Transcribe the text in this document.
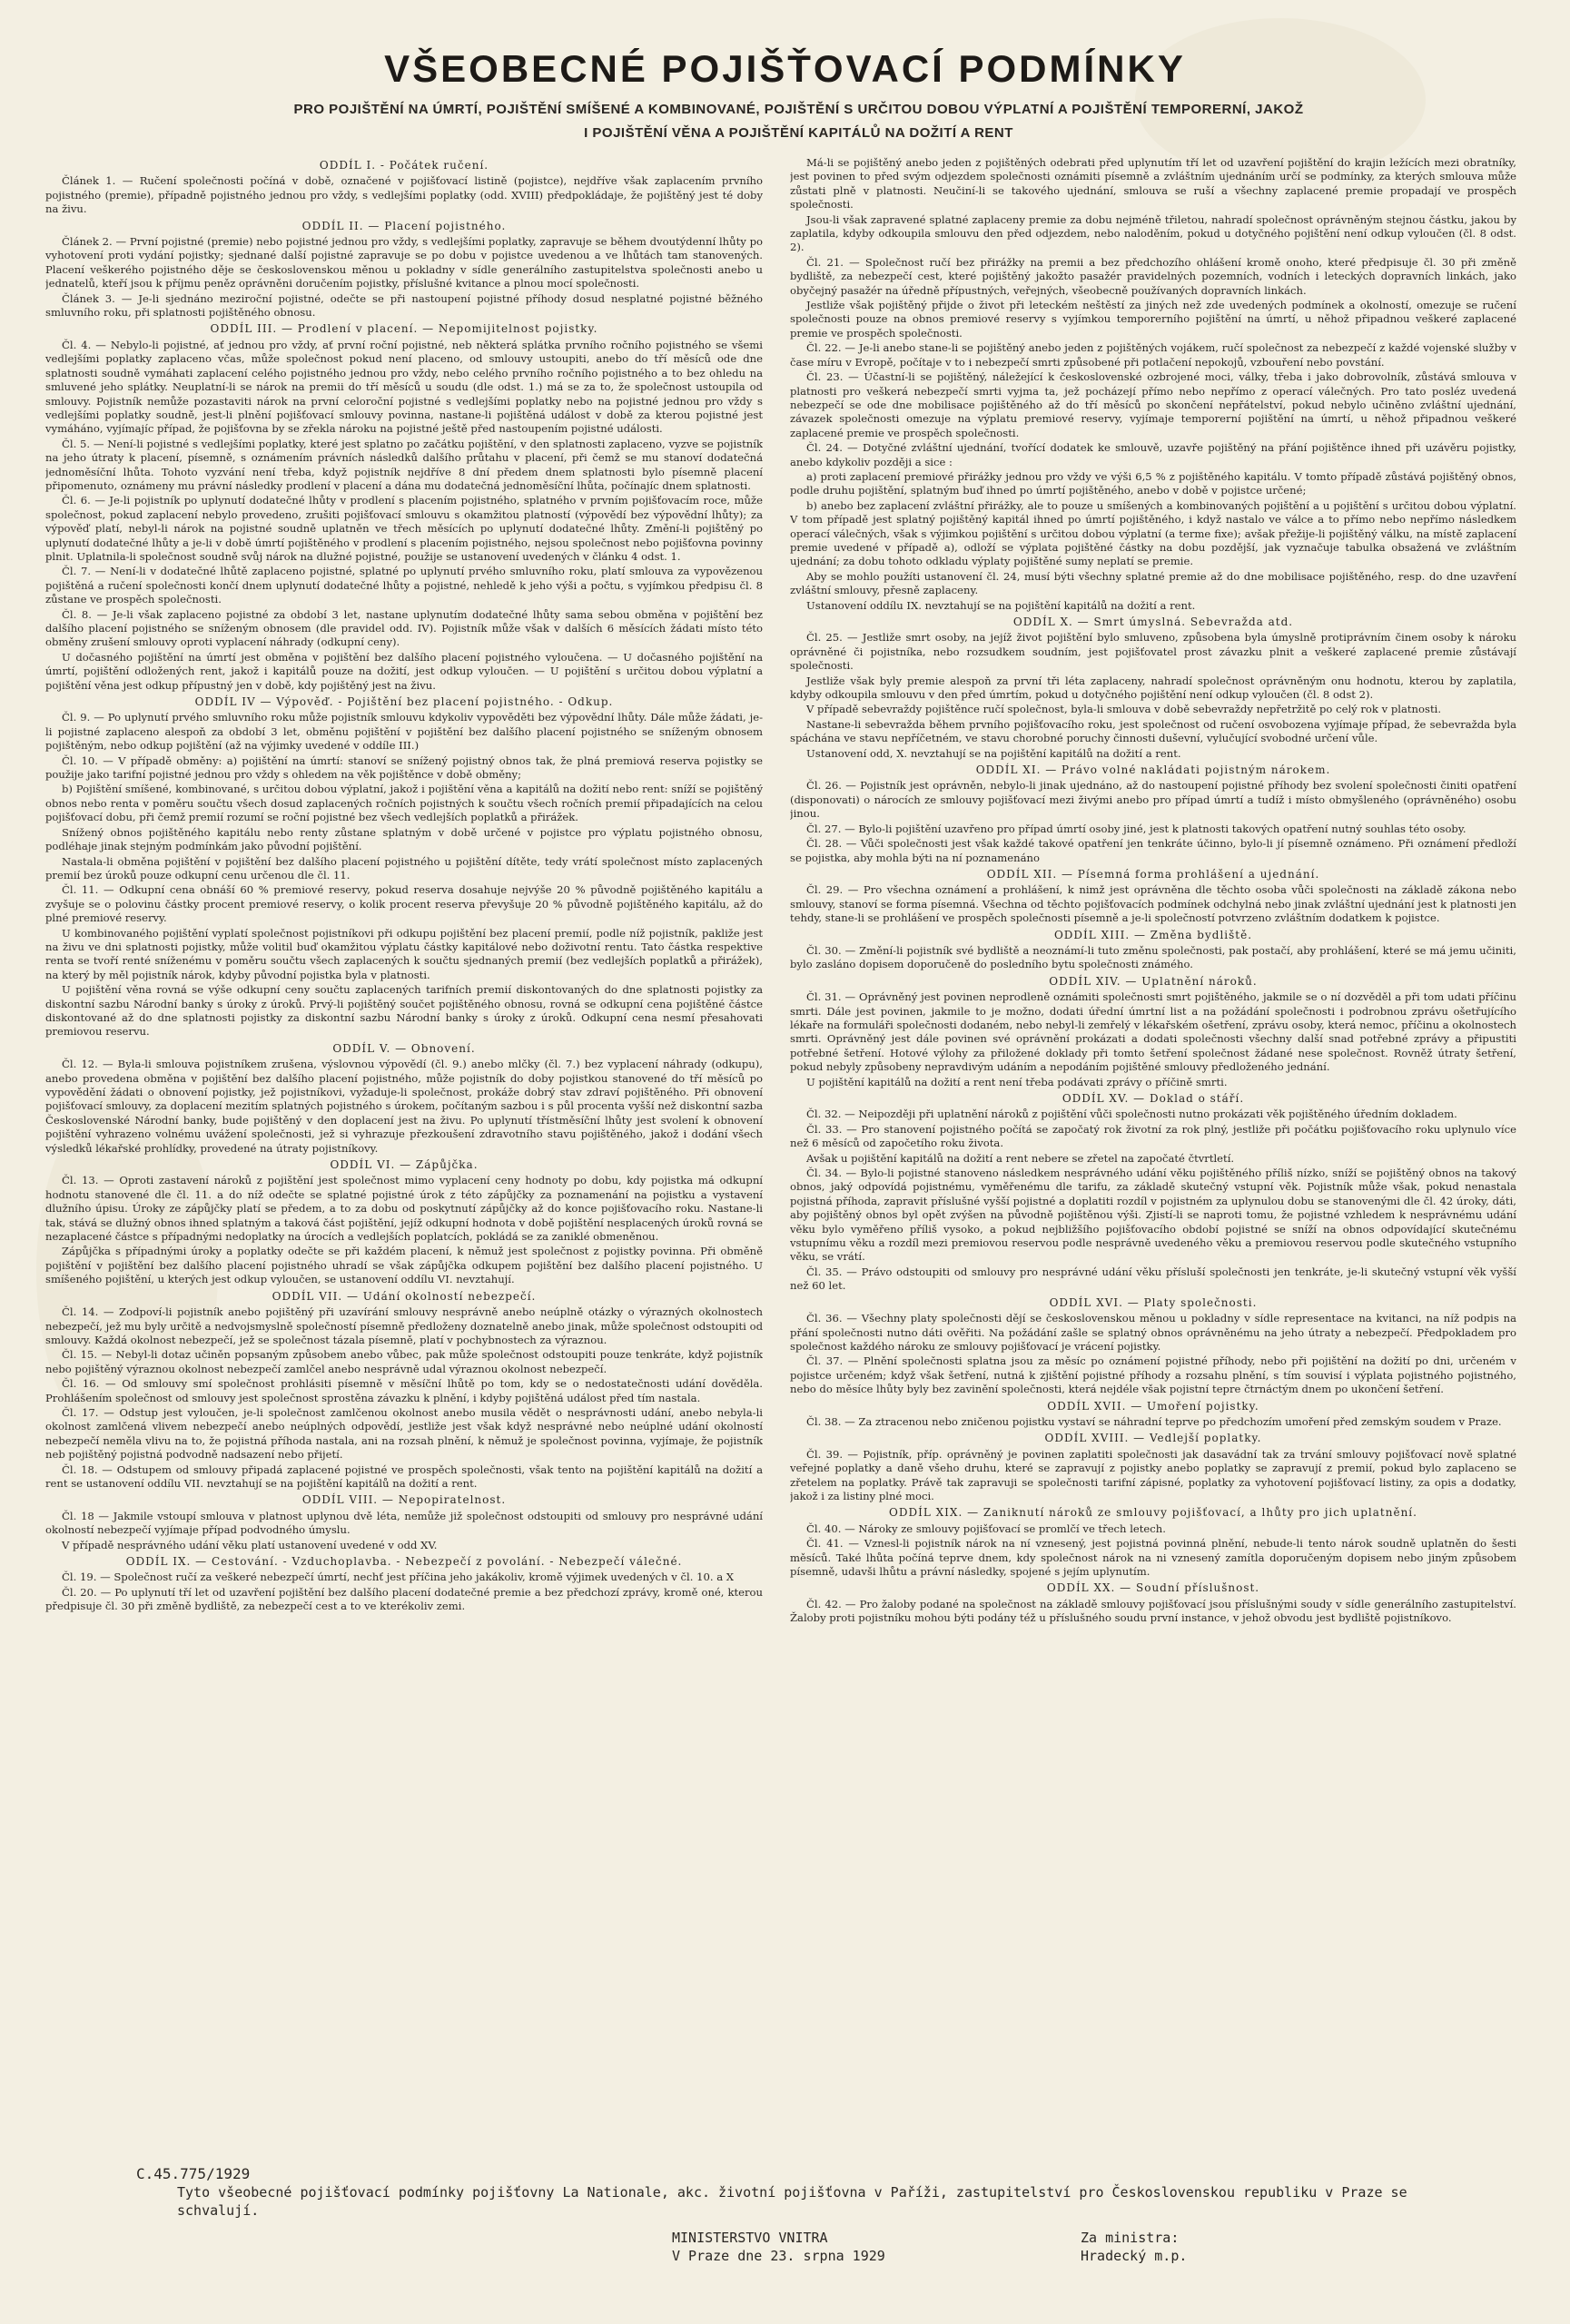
VŠEOBECNÉ POJIŠŤOVACÍ PODMÍNKY
PRO POJIŠTĚNÍ NA ÚMRTÍ, POJIŠTĚNÍ SMÍŠENÉ A KOMBINOVANÉ, POJIŠTĚNÍ S URČITOU DOBOU VÝPLATNÍ A POJIŠTĚNÍ TEMPORERNÍ, JAKOŽ
I POJIŠTĚNÍ VĚNA A POJIŠTĚNÍ KAPITÁLŮ NA DOŽITÍ A RENT
ODDÍL I. - Počátek ručení.

Článek 1. — Ručení společnosti počíná v době, označené v pojišťovací listině (pojistce), nejdříve však zaplacením prvního pojistného (premie), případně pojistného jednou pro vždy, s vedlejšími poplatky (odd. XVIII) předpokládaje, že pojištěný jest té doby na živu.

ODDÍL II. — Placení pojistného.

Článek 2. — První pojistné (premie) nebo pojistné jednou pro vždy, s vedlejšími poplatky, zapravuje se během dvoutýdenní lhůty po vyhotovení proti vydání pojistky; sjednané další pojistné zapravuje se po dobu v pojistce uvedenou a ve lhůtách tam stanovených. Placení veškerého pojistného děje se československou měnou u pokladny v sídle generálního zastupitelstva společnosti anebo u jednatelů, kteří jsou k příjmu peněz oprávněni doručením pojistky, příslušné kvitance a plnou mocí společnosti.

Článek 3. — Je-li sjednáno meziroční pojistné, odečte se při nastoupení pojistné příhody dosud nesplatné pojistné běžného smluvního roku, při splatnosti pojištěného obnosu.

ODDÍL III. — Prodlení v placení. — Nepomijitelnost pojistky.

Čl. 4. — Nebylo-li pojistné, ať jednou pro vždy, ať první roční pojistné, neb některá splátka prvního ročního pojistného se všemi vedlejšími poplatky zaplaceno včas, může společnost pokud není placeno, od smlouvy ustoupiti, anebo do tří měsíců ode dne splatnosti soudně vymáhati zaplacení celého pojistného jednou pro vždy, nebo celého prvního ročního pojistného a to bez ohledu na smluvené jeho splátky. Neuplatní-li se nárok na premii do tří měsíců u soudu (dle odst. 1.) má se za to, že společnost ustoupila od smlouvy. Pojistník nemůže pozastaviti nárok na první celoroční pojistné s vedlejšími poplatky nebo na pojistné jednou pro vždy s vedlejšími poplatky soudně, jest-li plnění pojišťovací smlouvy povinna, nastane-li pojištěná událost v době za kterou pojistné jest vymáháno, vyjímajíc případ, že pojišťovna by se zřekla nároku na pojistné ještě před nastoupením pojistné události.

Čl. 5. — Není-li pojistné s vedlejšími poplatky, které jest splatno po začátku pojištění, v den splatnosti zaplaceno, vyzve se pojistník na jeho útraty k placení, písemně, s oznámením právních následků dalšího průtahu v placení, při čemž se mu stanoví dodatečná jednoměsíční lhůta. Tohoto vyzvání není třeba, když pojistník nejdříve 8 dní předem dnem splatnosti bylo písemně placení připomenuto, oznámeny mu právní následky prodlení v placení a dána mu dodatečná jednoměsíční lhůta, počínajíc dnem splatnosti.

Čl. 6. — Je-li pojistník po uplynutí dodatečné lhůty v prodlení s placením pojistného, splatného v prvním pojišťovacím roce, může společnost, pokud zaplacení nebylo provedeno, zrušiti pojišťovací smlouvu s okamžitou platností (výpovědí bez výpovědní lhůty); za výpověď platí, nebyl-li nárok na pojistné soudně uplatněn ve třech měsících po uplynutí dodatečné lhůty. Změní-li pojištěný po uplynutí dodatečné lhůty a je-li v době úmrtí pojištěného v prodlení s placením pojistného, nejsou společnost nebo pojišťovna povinny plnit. Uplatnila-li společnost soudně svůj nárok na dlužné pojistné, použije se ustanovení uvedených v článku 4 odst. 1.

Čl. 7. — Není-li v dodatečné lhůtě zaplaceno pojistné, splatné po uplynutí prvého smluvního roku, platí smlouva za vypovězenou pojištěná a ručení společnosti končí dnem uplynutí dodatečné lhůty a pojistné, nehledě k jeho výši a počtu, s vyjímkou předpisu čl. 8 zůstane ve prospěch společnosti.

Čl. 8. — Je-li však zaplaceno pojistné za období 3 let, nastane uplynutím dodatečné lhůty sama sebou obměna v pojištění bez dalšího placení pojistného se sníženým obnosem (dle pravidel odd. IV). Pojistník může však v dalších 6 měsících žádati místo této obměny zrušení smlouvy oproti vyplacení náhrady (odkupní ceny).

U dočasného pojištění na úmrtí jest obměna v pojištění bez dalšího placení pojistného vyloučena. — U dočasného pojištění na úmrtí, pojištění odložených rent, jakož i kapitálů pouze na dožití, jest odkup vyloučen. — U pojištění s určitou dobou výplatní a pojištění věna jest odkup přípustný jen v době, kdy pojištěný jest na živu.

ODDÍL IV — Výpověď. - Pojištění bez placení pojistného. - Odkup.

Čl. 9. — Po uplynutí prvého smluvního roku může pojistník smlouvu kdykoliv vypověděti bez výpovědní lhůty. Dále může žádati, je-li pojistné zaplaceno alespoň za období 3 let, obměnu pojištění v pojištění bez dalšího placení pojistného se sníženým obnosem pojištěným, nebo odkup pojištění (až na výjimky uvedené v oddíle III.)

Čl. 10. — V případě obměny: a) pojištění na úmrtí: stanoví se snížený pojistný obnos tak, že plná premiová reserva pojistky se použije jako tarifní pojistné jednou pro vždy s ohledem na věk pojištěnce v době obměny;

b) Pojištění smíšené, kombinované, s určitou dobou výplatní, jakož i pojištění věna a kapitálů na dožití nebo rent: sníží se pojištěný obnos nebo renta v poměru součtu všech dosud zaplacených ročních pojistných k součtu všech ročních premií připadajících na celou pojišťovací dobu, při čemž premií rozumí se roční pojistné bez všech vedlejších poplatků a přirážek.

Snížený obnos pojištěného kapitálu nebo renty zůstane splatným v době určené v pojistce pro výplatu pojistného obnosu, podléhaje jinak stejným podmínkám jako původní pojištění.

Nastala-li obměna pojištění v pojištění bez dalšího placení pojistného u pojištění dítěte, tedy vrátí společnost místo zaplacených premií bez úroků pouze odkupní cenu určenou dle čl. 11.

Čl. 11. — Odkupní cena obnáší 60 % premiové reservy, pokud reserva dosahuje nejvýše 20 % původně pojištěného kapitálu a zvyšuje se o polovinu částky procent premiové reservy, o kolik procent reserva převyšuje 20 % původně pojištěného kapitálu, až do plné premiové reservy.

U kombinovaného pojištění vyplatí společnost pojistníkovi při odkupu pojištění bez placení premií, podle níž pojistník, pakliže jest na živu ve dni splatnosti pojistky, může volitil buď okamžitou výplatu částky kapitálové nebo doživotní rentu. Tato částka respektive renta se tvoří renté sníženému v poměru součtu všech zaplacených k součtu sjednaných premií (bez vedlejších poplatků a přirážek), na který by měl pojistník nárok, kdyby původní pojistka byla v platnosti.

U pojištění věna rovná se výše odkupní ceny součtu zaplacených tarifních premií diskontovaných do dne splatnosti pojistky za diskontní sazbu Národní banky s úroky z úroků. Prvý-li pojištěný součet pojištěného obnosu, rovná se odkupní cena pojištěné částce diskontované až do dne splatnosti pojistky za diskontní sazbu Národní banky s úroky z úroků. Odkupní cena nesmí přesahovati premiovou reservu.

ODDÍL V. — Obnovení.

Čl. 12. — Byla-li smlouva pojistníkem zrušena, výslovnou výpovědí (čl. 9.) anebo mlčky (čl. 7.) bez vyplacení náhrady (odkupu), anebo provedena obměna v pojištění bez dalšího placení pojistného, může pojistník do doby pojistkou stanovené do tří měsíců po vypovědění žádati o obnovení pojistky, jež pojistníkovi, vyžaduje-li společnost, prokáže dobrý stav zdraví pojištěného. Při obnovení pojišťovací smlouvy, za doplacení mezitím splatných pojistného s úrokem, počítaným sazbou i s půl procenta vyšší než diskontní sazba Československé Národní banky, bude pojištěný v den doplacení jest na živu. Po uplynutí třístměsíční lhůty jest svolení k obnovení pojištění vyhrazeno volnému uvážení společnosti, jež si vyhrazuje přezkoušení zdravotního stavu pojištěného, jakož i dodání všech výsledků lékařské prohlídky, provedené na útraty pojistníkovy.

ODDÍL VI. — Zápůjčka.

Čl. 13. — Oproti zastavení nároků z pojištění jest společnost mimo vyplacení ceny hodnoty po dobu, kdy pojistka má odkupní hodnotu stanovené dle čl. 11. a do níž odečte se splatné pojistné úrok z této zápůjčky za poznamenání na pojistku a vystavení dlužního úpisu. Úroky ze zápůjčky platí se předem, a to za dobu od poskytnutí zápůjčky až do konce pojišťovacího roku. Nastane-li tak, stává se dlužný obnos ihned splatným a taková část pojištění, jejíž odkupní hodnota v době pojištění nesplacených úroků rovná se nezaplacené částce s případnými nedoplatky na úrocích a vedlejších poplatcích, pokládá se za zaniklé obmeněnou.

Zápůjčka s případnými úroky a poplatky odečte se při každém placení, k němuž jest společnost z pojistky povinna. Při obměně pojištění v pojištění bez dalšího placení pojistného uhradí se však zápůjčka odkupem pojištění bez dalšího placení pojistného. U smíšeného pojištění, u kterých jest odkup vyloučen, se ustanovení oddílu VI. nevztahují.

ODDÍL VII. — Udání okolností nebezpečí.

Čl. 14. — Zodpoví-li pojistník anebo pojištěný při uzavírání smlouvy nesprávně anebo neúplně otázky o výrazných okolnostech nebezpečí, jež mu byly určitě a nedvojsmyslně společností písemně předloženy doznatelně anebo jinak, může společnost odstoupiti od smlouvy. Každá okolnost nebezpečí, jež se společnost tázala písemně, platí v pochybnostech za výraznou.

Čl. 15. — Nebyl-li dotaz učiněn popsaným způsobem anebo vůbec, pak může společnost odstoupiti pouze tenkráte, když pojistník nebo pojištěný výraznou okolnost nebezpečí zamlčel anebo nesprávně udal výraznou okolnost nebezpečí.

Čl. 16. — Od smlouvy smí společnost prohlásiti písemně v měsíční lhůtě po tom, kdy se o nedostatečnosti udání dověděla. Prohlášením společnost od smlouvy jest společnost sprostěna závazku k plnění, i kdyby pojištěná událost před tím nastala.

Čl. 17. — Odstup jest vyloučen, je-li společnost zamlčenou okolnost anebo musila vědět o nesprávnosti udání, anebo nebyla-li okolnost zamlčená vlivem nebezpečí anebo neúplných odpovědí, jestliže jest však když nesprávné nebo neúplné udání okolností nebezpečí neměla vlivu na to, že pojistná příhoda nastala, ani na rozsah plnění, k němuž je společnost povinna, vyjímaje, že pojistník neb pojištěný pojistná podvodně nadsazení nebo přijetí.

Čl. 18. — Odstupem od smlouvy připadá zaplacené pojistné ve prospěch společnosti, však tento na pojištění kapitálů na dožití a rent se ustanovení oddílu VII. nevztahují se na pojištění kapitálů na dožití a rent.

ODDÍL VIII. — Nepopiratelnost.

Čl. 18 — Jakmile vstoupí smlouva v platnost uplynou dvě léta, nemůže již společnost odstoupiti od smlouvy pro nesprávné udání okolností nebezpečí vyjímaje případ podvodného úmyslu.

V případě nesprávného udání věku platí ustanovení uvedené v odd XV.

ODDÍL IX. — Cestování. - Vzduchoplavba. - Nebezpečí z povolání. - Nebezpečí válečné.

Čl. 19. — Společnost ručí za veškeré nebezpečí úmrtí, nechť jest příčina jeho jakákoliv, kromě výjimek uvedených v čl. 10. a X

Čl. 20. — Po uplynutí tří let od uzavření pojištění bez dalšího placení dodatečné premie a bez předchozí zprávy, kromě oné, kterou předpisuje čl. 30 při změně bydliště, za nebezpečí cest a to ve kterékoliv zemi.

Má-li se pojištěný anebo jeden z pojištěných odebrati před uplynutím tří let od uzavření pojištění do krajin ležících mezi obratníky, jest povinen to před svým odjezdem společnosti oznámiti písemně a zvláštním ujednáním určí se podmínky, za kterých smlouva může zůstati plně v platnosti. Neučiní-li se takového ujednání, smlouva se ruší a všechny zaplacené premie propadají ve prospěch společnosti.

Jsou-li však zapravené splatné zaplaceny premie za dobu nejméně třiletou, nahradí společnost oprávněným stejnou částku, jakou by zaplatila, kdyby odkoupila smlouvu den před odjezdem, nebo naloděním, pokud u dotyčného pojištění není odkup vyloučen (čl. 8 odst. 2).

Čl. 21. — Společnost ručí bez přirážky na premii a bez předchozího ohlášení kromě onoho, které předpisuje čl. 30 při změně bydliště, za nebezpečí cest, které pojištěný jakožto pasažér pravidelných pozemních, vodních i leteckých dopravních linkách, jako obyčejný pasažér na úředně přípustných, veřejných, všeobecně používaných dopravních linkách.

Jestliže však pojištěný přijde o život při leteckém neštěstí za jiných než zde uvedených podmínek a okolností, omezuje se ručení společnosti pouze na obnos premiové reservy s vyjímkou temporerního pojištění na úmrtí, u něhož připadnou veškeré zaplacené premie ve prospěch společnosti.

Čl. 22. — Je-li anebo stane-li se pojištěný anebo jeden z pojištěných vojákem, ručí společnost za nebezpečí z každé vojenské služby v čase míru v Evropě, počítaje v to i nebezpečí smrti způsobené při potlačení nepokojů, vzbouření nebo povstání.

Čl. 23. — Účastní-li se pojištěný, náležející k československé ozbrojené moci, války, třeba i jako dobrovolník, zůstává smlouva v platnosti pro veškerá nebezpečí smrti vyjma ta, jež pocházejí přímo nebo nepřímo z operací válečných. Pro tato posléz uvedená nebezpečí se ode dne mobilisace pojištěného až do tří měsíců po skončení nepřátelství, pokud nebylo učiněno zvláštní ujednání, závazek společnosti omezuje na výplatu premiové reservy, vyjímaje temporerní pojištění na úmrtí, u něhož připadnou veškeré zaplacené premie ve prospěch společnosti.

Čl. 24. — Dotyčné zvláštní ujednání, tvořící dodatek ke smlouvě, uzavře pojištěný na přání pojištěnce ihned při uzávěru pojistky, anebo kdykoliv později a sice :

a) proti zaplacení premiové přirážky jednou pro vždy ve výši 6,5 % z pojištěného kapitálu. V tomto případě zůstává pojištěný obnos, podle druhu pojištění, splatným buď ihned po úmrtí pojištěného, anebo v době v pojistce určené;

b) anebo bez zaplacení zvláštní přirážky, ale to pouze u smíšených a kombinovaných pojištění a u pojištění s určitou dobou výplatní. V tom případě jest splatný pojištěný kapitál ihned po úmrtí pojištěného, i když nastalo ve válce a to přímo nebo nepřímo následkem operací válečných, však s výjimkou pojištění s určitou dobou výplatní (a terme fixe); avšak přežije-li pojištěný válku, na místě zaplacení premie uvedené v případě a), odloží se výplata pojištěné částky na dobu pozdější, jak vyznačuje tabulka obsažená ve zvláštním ujednání; za dobu tohoto odkladu výplaty pojištěné sumy neplatí se premie.

Aby se mohlo použíti ustanovení čl. 24, musí býti všechny splatné premie až do dne mobilisace pojištěného, resp. do dne uzavření zvláštní smlouvy, přesně zaplaceny.

Ustanovení oddílu IX. nevztahují se na pojištění kapitálů na dožití a rent.

ODDÍL X. — Smrt úmyslná. Sebevražda atd.

Čl. 25. — Jestliže smrt osoby, na jejíž život pojištění bylo smluveno, způsobena byla úmyslně protiprávním činem osoby k nároku oprávněné či pojistníka, nebo rozsudkem soudním, jest pojišťovatel prost závazku plnit a veškeré zaplacené premie zůstávají společnosti.

Jestliže však byly premie alespoň za první tři léta zaplaceny, nahradí společnost oprávněným onu hodnotu, kterou by zaplatila, kdyby odkoupila smlouvu v den před úmrtím, pokud u dotyčného pojištění není odkup vyloučen (čl. 8 odst 2).

V případě sebevraždy pojištěnce ručí společnost, byla-li smlouva v době sebevraždy nepřetržitě po celý rok v platnosti.

Nastane-li sebevražda během prvního pojišťovacího roku, jest společnost od ručení osvobozena vyjímaje případ, že sebevražda byla spáchána ve stavu nepříčetném, ve stavu chorobné poruchy činnosti duševní, vylučující svobodné určení vůle.

Ustanovení odd, X. nevztahují se na pojištění kapitálů na dožití a rent.

ODDÍL XI. — Právo volné nakládati pojistným nárokem.

Čl. 26. — Pojistník jest oprávněn, nebylo-li jinak ujednáno, až do nastoupení pojistné příhody bez svolení společnosti činiti opatření (disponovati) o nárocích ze smlouvy pojišťovací mezi živými anebo pro případ úmrtí a tudíž i místo obmyšleného (oprávněného) osobu jinou.

Čl. 27. — Bylo-li pojištění uzavřeno pro případ úmrtí osoby jiné, jest k platnosti takových opatření nutný souhlas této osoby.

Čl. 28. — Vůči společnosti jest však každé takové opatření jen tenkráte účinno, bylo-li jí písemně oznámeno. Při oznámení předloží se pojistka, aby mohla býti na ní poznamenáno

ODDÍL XII. — Písemná forma prohlášení a ujednání.

Čl. 29. — Pro všechna oznámení a prohlášení, k nimž jest oprávněna dle těchto osoba vůči společnosti na základě zákona nebo smlouvy, stanoví se forma písemná. Všechna od těchto pojišťovacích podmínek odchylná nebo jinak zvláštní ujednání jest k platnosti jen tehdy, stane-li se prohlášení ve prospěch společnosti písemně a je-li společností potvrzeno zvláštním dodatkem k pojistce.

ODDÍL XIII. — Změna bydliště.

Čl. 30. — Změní-li pojistník své bydliště a neoznámí-li tuto změnu společnosti, pak postačí, aby prohlášení, které se má jemu učiniti, bylo zasláno dopisem doporučeně do posledního bytu společnosti známého.

ODDÍL XIV. — Uplatnění nároků.

Čl. 31. — Oprávněný jest povinen neprodleně oznámiti společnosti smrt pojištěného, jakmile se o ní dozvěděl a při tom udati příčinu smrti. Dále jest povinen, jakmile to je možno, dodati úřední úmrtní list a na požádání společnosti i podrobnou zprávu ošetřujícího lékaře na formuláři společnosti dodaném, nebo nebyl-li zemřelý v lékařském ošetření, zprávu osoby, která nemoc, příčinu a okolnostech smrti. Oprávněný jest dále povinen své oprávnění prokázati a dodati společnosti všechny další snad potřebné zprávy a připustiti potřebné šetření. Hotové výlohy za přiložené doklady při tomto šetření společnost žádané nese společnost. Rovněž útraty šetření, pokud nebyly způsobeny nepravdivým udáním a nepodáním pojištěné smlouvy předloženého jednání.

U pojištění kapitálů na dožití a rent není třeba podávati zprávy o příčině smrti.

ODDÍL XV. — Doklad o stáří.

Čl. 32. — Neipozději při uplatnění nároků z pojištění vůči společnosti nutno prokázati věk pojištěného úředním dokladem.

Čl. 33. — Pro stanovení pojistného počítá se započatý rok životní za rok plný, jestliže při počátku pojišťovacího roku uplynulo více než 6 měsíců od započetího roku života.

Avšak u pojištění kapitálů na dožití a rent nebere se zřetel na započaté čtvrtletí.

Čl. 34. — Bylo-li pojistné stanoveno následkem nesprávného udání věku pojištěného příliš nízko, sníží se pojištěný obnos na takový obnos, jaký odpovídá pojistnému, vyměřenému dle tarifu, za základě skutečný vstupní věk. Pojistník může však, pokud nenastala pojistná příhoda, zapravit příslušné vyšší pojistné a doplatiti rozdíl v pojistném za uplynulou dobu se stanovenými dle čl. 42 úroky, dáti, aby pojištěný obnos byl opět zvýšen na původně pojištěnou výši. Zjistí-li se naproti tomu, že pojistné vzhledem k nesprávnému udání věku bylo vyměřeno příliš vysoko, a pokud nejbližšího pojišťovacího období pojistné se sníží na obnos odpovídající skutečnému vstupnímu věku a rozdíl mezi premiovou reservou podle nesprávně uvedeného věku a premiovou reservou podle skutečného vstupního věku, se vrátí.

Čl. 35. — Právo odstoupiti od smlouvy pro nesprávné udání věku přísluší společnosti jen tenkráte, je-li skutečný vstupní věk vyšší než 60 let.

ODDÍL XVI. — Platy společnosti.

Čl. 36. — Všechny platy společnosti dějí se československou měnou u pokladny v sídle representace na kvitanci, na níž podpis na přání společnosti nutno dáti ověřiti. Na požádání zašle se splatný obnos oprávněnému na jeho útraty a nebezpečí. Předpokladem pro společnost každého nároku ze smlouvy pojišťovací je vrácení pojistky.

Čl. 37. — Plnění společnosti splatna jsou za měsíc po oznámení pojistné příhody, nebo při pojištění na dožití po dni, určeném v pojistce určeném; když však šetření, nutná k zjištění pojistné příhody a rozsahu plnění, s tím souvisí i výplata pojistného pojistného, nebo do měsíce lhůty byly bez zavinění společnosti, která nejdéle však pojistní tepre čtrnáctým dnem po ukončení šetření.

ODDÍL XVII. — Umoření pojistky.

Čl. 38. — Za ztracenou nebo zničenou pojistku vystaví se náhradní teprve po předchozím umoření před zemským soudem v Praze.

ODDÍL XVIII. — Vedlejší poplatky.

Čl. 39. — Pojistník, příp. oprávněný je povinen zaplatiti společnosti jak dasavádní tak za trvání smlouvy pojišťovací nově splatné veřejné poplatky a daně všeho druhu, které se zapravují z pojistky anebo poplatky se zapravují z premií, pokud bylo zaplaceno se zřetelem na poplatky. Právě tak zapravuji se společnosti tarifní zápisné, poplatky za vyhotovení pojišťovací listiny, za opis a dodatky, jakož i za listiny plné moci.

ODDÍL XIX. — Zaniknutí nároků ze smlouvy pojišťovací, a lhůty pro jich uplatnění.

Čl. 40. — Nároky ze smlouvy pojišťovací se promlčí ve třech letech.

Čl. 41. — Vznesl-li pojistník nárok na ní vznesený, jest pojistná povinná plnění, nebude-li tento nárok soudně uplatněn do šesti měsíců. Také lhůta počíná teprve dnem, kdy společnost nárok na ni vznesený zamítla doporučeným dopisem nebo jiným způsobem písemně, udavši lhůtu a právní následky, spojené s jejím uplynutím.

ODDÍL XX. — Soudní příslušnost.

Čl. 42. — Pro žaloby podané na společnost na základě smlouvy pojišťovací jsou příslušnými soudy v sídle generálního zastupitelství. Žaloby proti pojistníku mohou býti podány též u příslušného soudu první instance, v jehož obvodu jest bydliště pojistníkovo.

C.45.775/1929
Tyto všeobecné pojišťovací podmínky pojišťovny La Nationale, akc. životní pojišťovna v Paříži, zastupitelství pro Československou republiku v Praze se schvalují.
MINISTERSTVO VNITRA
V Praze dne 23. srpna 1929
Za ministra:
Hradecký m.p.
